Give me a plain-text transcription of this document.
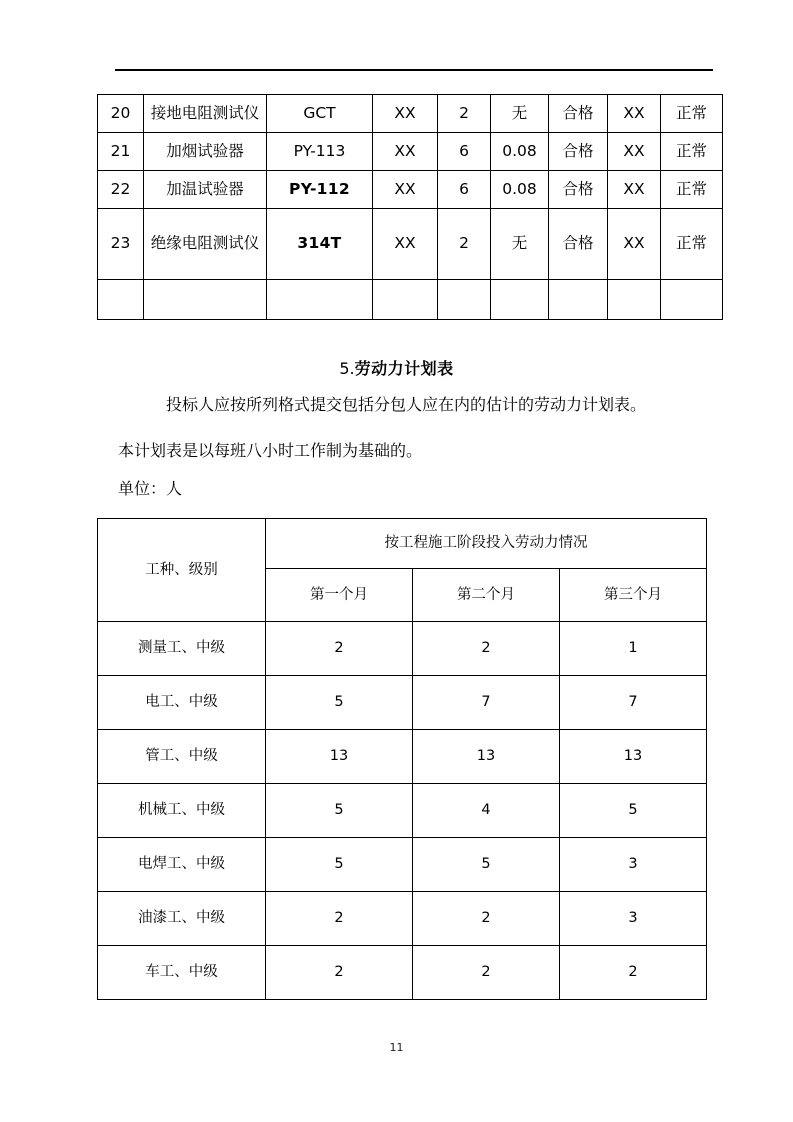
20	接地电阻测试仪	GCT	XX	2	无	合格	XX	正常
21	加烟试验器	PY-113	XX	6	0.08	合格	XX	正常
22	加温试验器	PY-112	XX	6	0.08	合格	XX	正常
23	绝缘电阻测试仪	314T	XX	2	无	合格	XX	正常

5.劳动力计划表
投标人应按所列格式提交包括分包人应在内的估计的劳动力计划表。
本计划表是以每班八小时工作制为基础的。
单位：人
工种、级别	按工程施工阶段投入劳动力情况		
	第一个月	第二个月	第三个月
测量工、中级	2	2	1
电工、中级	5	7	7
管工、中级	13	13	13
机械工、中级	5	4	5
电焊工、中级	5	5	3
油漆工、中级	2	2	3
车工、中级	2	2	2
11
